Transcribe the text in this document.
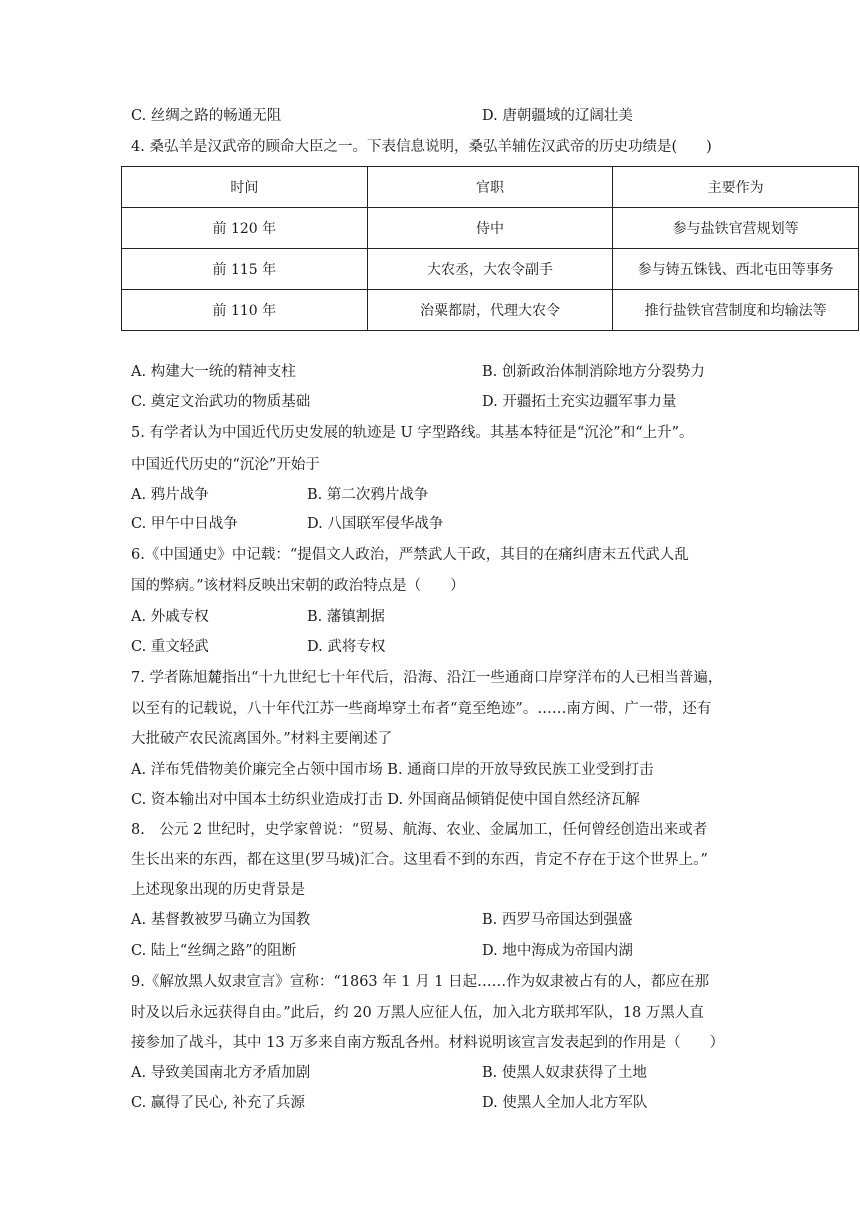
C. 丝绸之路的畅通无阻	D. 唐朝疆域的辽阔壮美
4. 桑弘羊是汉武帝的顾命大臣之一。下表信息说明，桑弘羊辅佐汉武帝的历史功绩是(　　)
时间	官职	主要作为
前 120 年	侍中	参与盐铁官营规划等
前 115 年	大农丞，大农令副手	参与铸五铢钱、西北屯田等事务
前 110 年	治粟都尉，代理大农令	推行盐铁官营制度和均输法等
A. 构建大一统的精神支柱	B. 创新政治体制消除地方分裂势力
C. 奠定文治武功的物质基础	D. 开疆拓土充实边疆军事力量
5. 有学者认为中国近代历史发展的轨迹是 U 字型路线。其基本特征是“沉沦”和“上升”。
中国近代历史的“沉沦”开始于
A. 鸦片战争	B. 第二次鸦片战争
C. 甲午中日战争	D. 八国联军侵华战争
6.《中国通史》中记载：“提倡文人政治，严禁武人干政，其目的在痛纠唐末五代武人乱
国的弊病。”该材料反映出宋朝的政治特点是（　　）
A. 外戚专权	B. 藩镇割据
C. 重文轻武	D. 武将专权
7. 学者陈旭麓指出“十九世纪七十年代后，沿海、沿江一些通商口岸穿洋布的人已相当普遍，
以至有的记载说，八十年代江苏一些商埠穿土布者“竟至绝迹”。……南方闽、广一带，还有
大批破产农民流离国外。”材料主要阐述了
A. 洋布凭借物美价廉完全占领中国市场 B. 通商口岸的开放导致民族工业受到打击
C. 资本输出对中国本土纺织业造成打击 D. 外国商品倾销促使中国自然经济瓦解
8.　公元 2 世纪时，史学家曾说：“贸易、航海、农业、金属加工，任何曾经创造出来或者
生长出来的东西，都在这里(罗马城)汇合。这里看不到的东西，肯定不存在于这个世界上。”
上述现象出现的历史背景是
A. 基督教被罗马确立为国教	B. 西罗马帝国达到强盛
C. 陆上“丝绸之路”的阻断	D. 地中海成为帝国内湖
9.《解放黑人奴隶宣言》宣称：“1863 年 1 月 1 日起……作为奴隶被占有的人，都应在那
时及以后永远获得自由。”此后，约 20 万黑人应征人伍，加入北方联邦军队，18 万黑人直
接参加了战斗，其中 13 万多来自南方叛乱各州。材料说明该宣言发表起到的作用是（　　）
A. 导致美国南北方矛盾加剧	B. 使黑人奴隶获得了土地
C. 赢得了民心, 补充了兵源	D. 使黑人全加人北方军队
